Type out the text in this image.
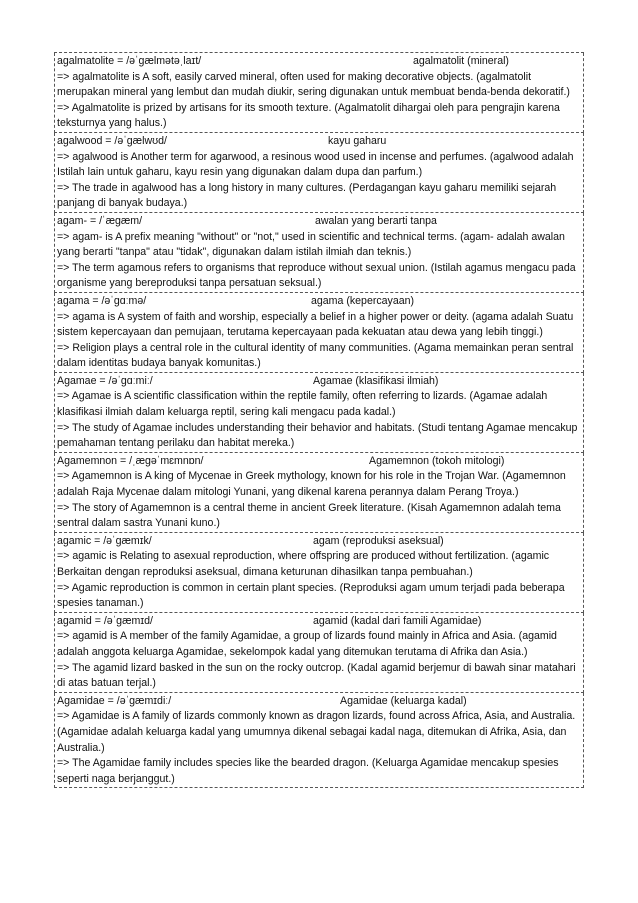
agalmatolite = /əˈɡælmətəˌlaɪt/	agalmatolit (mineral)

=> agalmatolite is A soft, easily carved mineral, often used for making decorative objects. (agalmatolit merupakan mineral yang lembut dan mudah diukir, sering digunakan untuk membuat benda-benda dekoratif.)

=> Agalmatolite is prized by artisans for its smooth texture. (Agalmatolit dihargai oleh para pengrajin karena teksturnya yang halus.)

agalwood = /əˈɡælwʊd/	kayu gaharu

=> agalwood is Another term for agarwood, a resinous wood used in incense and perfumes. (agalwood adalah Istilah lain untuk gaharu, kayu resin yang digunakan dalam dupa dan parfum.)

=> The trade in agalwood has a long history in many cultures. (Perdagangan kayu gaharu memiliki sejarah panjang di banyak budaya.)

agam- = /ˈæɡæm/	awalan yang berarti tanpa

=> agam- is A prefix meaning "without" or "not," used in scientific and technical terms. (agam- adalah awalan yang berarti "tanpa" atau "tidak", digunakan dalam istilah ilmiah dan teknis.)

=> The term agamous refers to organisms that reproduce without sexual union. (Istilah agamus mengacu pada organisme yang bereproduksi tanpa persatuan seksual.)

agama = /əˈɡɑːmə/	agama (kepercayaan)

=> agama is A system of faith and worship, especially a belief in a higher power or deity. (agama adalah Suatu sistem kepercayaan dan pemujaan, terutama kepercayaan pada kekuatan atau dewa yang lebih tinggi.)

=> Religion plays a central role in the cultural identity of many communities. (Agama memainkan peran sentral dalam identitas budaya banyak komunitas.)

Agamae = /əˈɡɑːmiː/	Agamae (klasifikasi ilmiah)

=> Agamae is A scientific classification within the reptile family, often referring to lizards. (Agamae adalah klasifikasi ilmiah dalam keluarga reptil, sering kali mengacu pada kadal.)

=> The study of Agamae includes understanding their behavior and habitats. (Studi tentang Agamae mencakup pemahaman tentang perilaku dan habitat mereka.)

Agamemnon = /ˌæɡəˈmɛmnɒn/	Agamemnon (tokoh mitologi)

=> Agamemnon is A king of Mycenae in Greek mythology, known for his role in the Trojan War. (Agamemnon adalah Raja Mycenae dalam mitologi Yunani, yang dikenal karena perannya dalam Perang Troya.)

=> The story of Agamemnon is a central theme in ancient Greek literature. (Kisah Agamemnon adalah tema sentral dalam sastra Yunani kuno.)

agamic = /əˈɡæmɪk/	agam (reproduksi aseksual)

=> agamic is Relating to asexual reproduction, where offspring are produced without fertilization. (agamic Berkaitan dengan reproduksi aseksual, dimana keturunan dihasilkan tanpa pembuahan.)

=> Agamic reproduction is common in certain plant species. (Reproduksi agam umum terjadi pada beberapa spesies tanaman.)

agamid = /əˈɡæmɪd/	agamid (kadal dari famili Agamidae)

=> agamid is A member of the family Agamidae, a group of lizards found mainly in Africa and Asia. (agamid adalah anggota keluarga Agamidae, sekelompok kadal yang ditemukan terutama di Afrika dan Asia.)

=> The agamid lizard basked in the sun on the rocky outcrop. (Kadal agamid berjemur di bawah sinar matahari di atas batuan terjal.)

Agamidae = /əˈɡæmɪdiː/	Agamidae (keluarga kadal)

=> Agamidae is A family of lizards commonly known as dragon lizards, found across Africa, Asia, and Australia. (Agamidae adalah keluarga kadal yang umumnya dikenal sebagai kadal naga, ditemukan di Afrika, Asia, dan Australia.)

=> The Agamidae family includes species like the bearded dragon. (Keluarga Agamidae mencakup spesies seperti naga berjanggut.)
